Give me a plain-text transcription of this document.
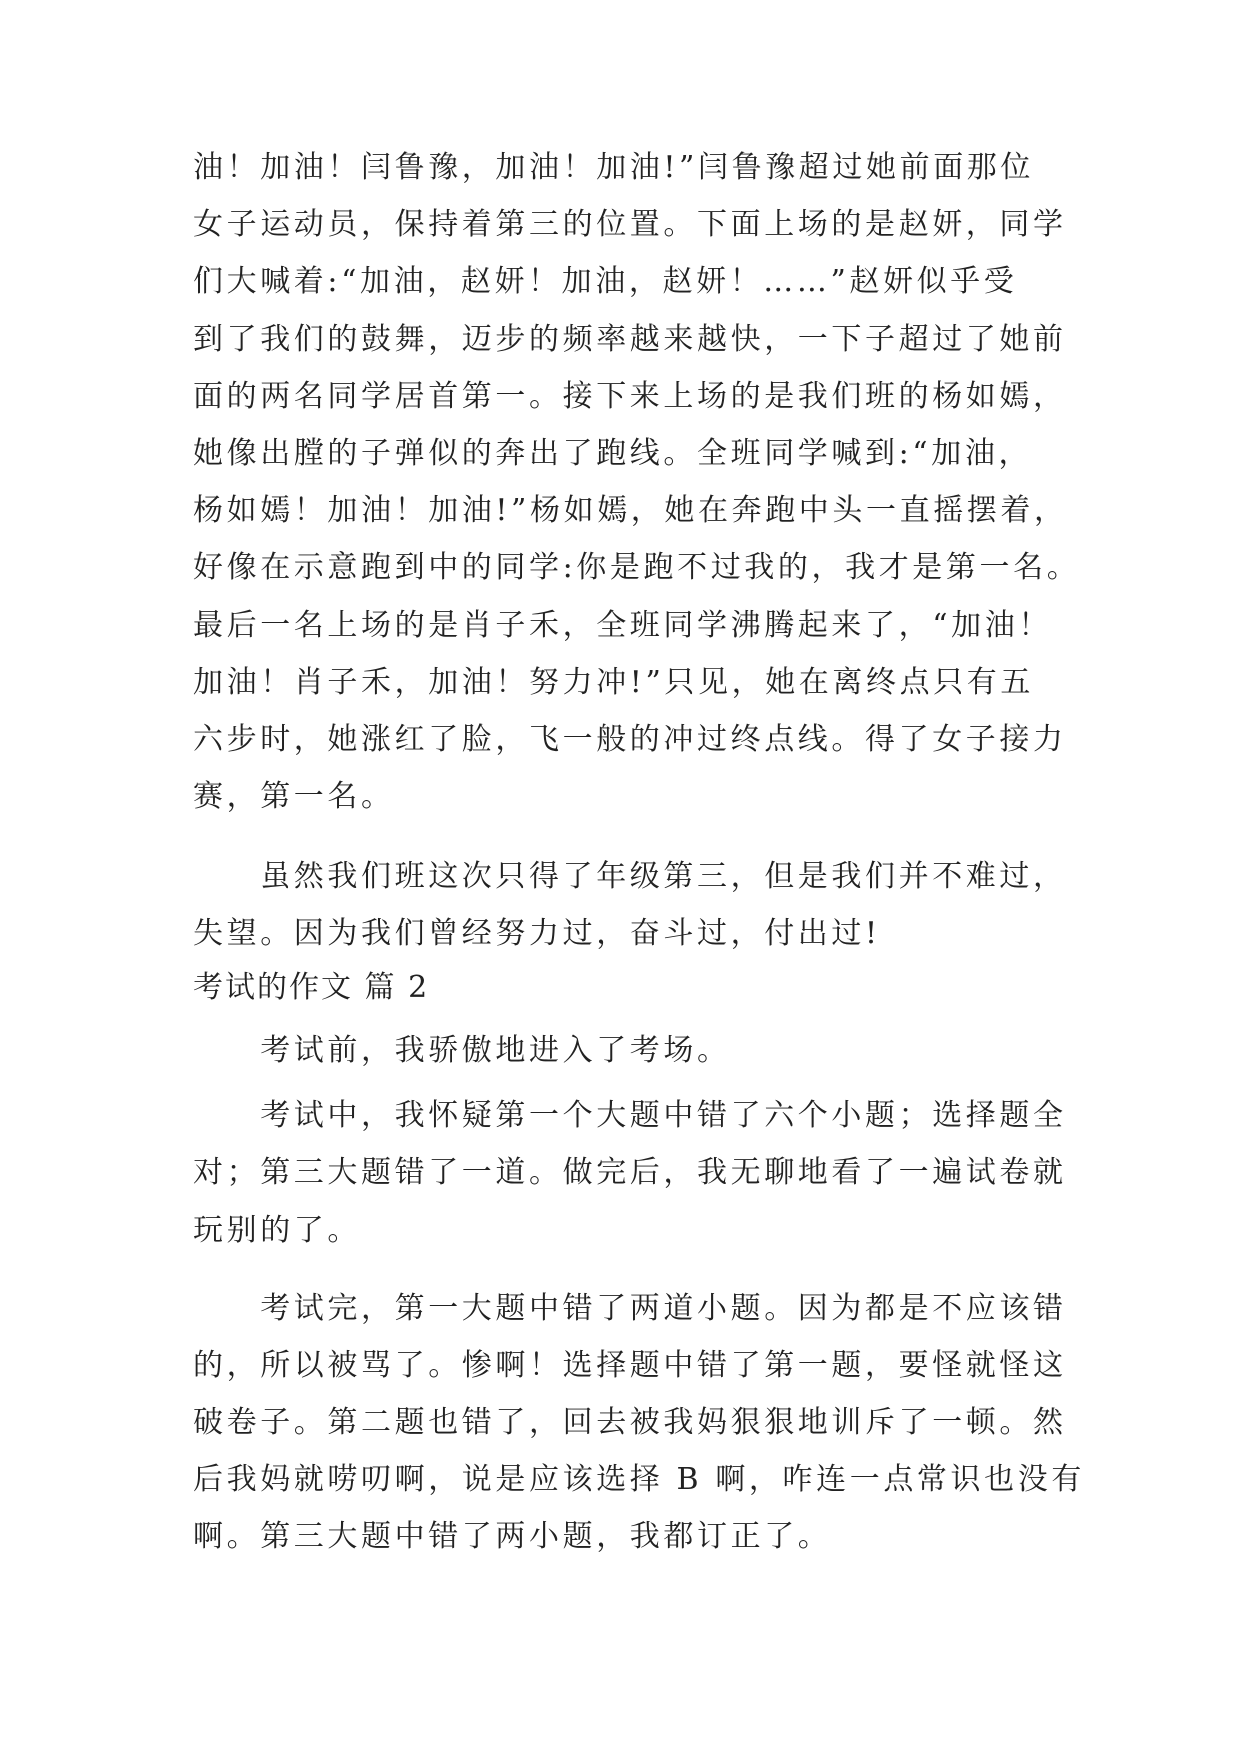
油！加油！闫鲁豫，加油！加油!”闫鲁豫超过她前面那位
女子运动员，保持着第三的位置。下面上场的是赵妍，同学
们大喊着:“加油，赵妍！加油，赵妍！……”赵妍似乎受
到了我们的鼓舞，迈步的频率越来越快，一下子超过了她前
面的两名同学居首第一。接下来上场的是我们班的杨如嫣，
她像出膛的子弹似的奔出了跑线。全班同学喊到:“加油，
杨如嫣！加油！加油!”杨如嫣，她在奔跑中头一直摇摆着，
好像在示意跑到中的同学:你是跑不过我的，我才是第一名。
最后一名上场的是肖子禾，全班同学沸腾起来了，“加油！
加油！肖子禾，加油！努力冲!”只见，她在离终点只有五
六步时，她涨红了脸，飞一般的冲过终点线。得了女子接力
赛，第一名。
　　虽然我们班这次只得了年级第三，但是我们并不难过，
失望。因为我们曾经努力过，奋斗过，付出过!
考试的作文 篇 2
　　考试前，我骄傲地进入了考场。
　　考试中，我怀疑第一个大题中错了六个小题；选择题全
对；第三大题错了一道。做完后，我无聊地看了一遍试卷就
玩别的了。
　　考试完，第一大题中错了两道小题。因为都是不应该错
的，所以被骂了。惨啊！选择题中错了第一题，要怪就怪这
破卷子。第二题也错了，回去被我妈狠狠地训斥了一顿。然
后我妈就唠叨啊，说是应该选择 B 啊，咋连一点常识也没有
啊。第三大题中错了两小题，我都订正了。
